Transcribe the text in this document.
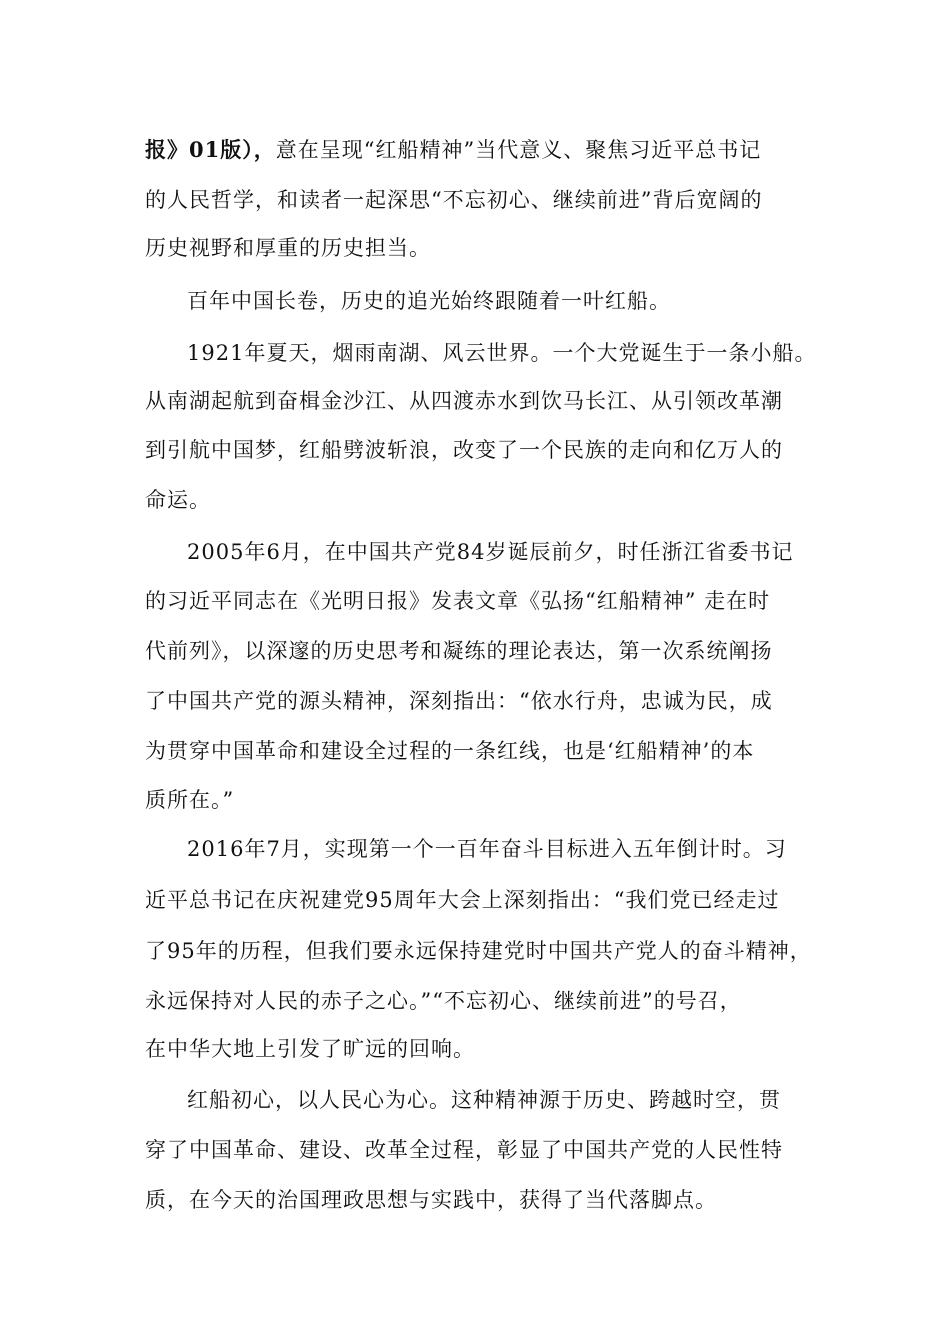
报》01版），意在呈现“红船精神”当代意义、聚焦习近平总书记
的人民哲学，和读者一起深思“不忘初心、继续前进”背后宽阔的
历史视野和厚重的历史担当。
百年中国长卷，历史的追光始终跟随着一叶红船。
1921年夏天，烟雨南湖、风云世界。一个大党诞生于一条小船。
从南湖起航到奋楫金沙江、从四渡赤水到饮马长江、从引领改革潮
到引航中国梦，红船劈波斩浪，改变了一个民族的走向和亿万人的
命运。
2005年6月，在中国共产党84岁诞辰前夕，时任浙江省委书记
的习近平同志在《光明日报》发表文章《弘扬“红船精神” 走在时
代前列》，以深邃的历史思考和凝练的理论表达，第一次系统阐扬
了中国共产党的源头精神，深刻指出：“依水行舟，忠诚为民，成
为贯穿中国革命和建设全过程的一条红线，也是‘红船精神’的本
质所在。”
2016年7月，实现第一个一百年奋斗目标进入五年倒计时。习
近平总书记在庆祝建党95周年大会上深刻指出：“我们党已经走过
了95年的历程，但我们要永远保持建党时中国共产党人的奋斗精神，
永远保持对人民的赤子之心。”“不忘初心、继续前进”的号召，
在中华大地上引发了旷远的回响。
红船初心，以人民心为心。这种精神源于历史、跨越时空，贯
穿了中国革命、建设、改革全过程，彰显了中国共产党的人民性特
质，在今天的治国理政思想与实践中，获得了当代落脚点。
